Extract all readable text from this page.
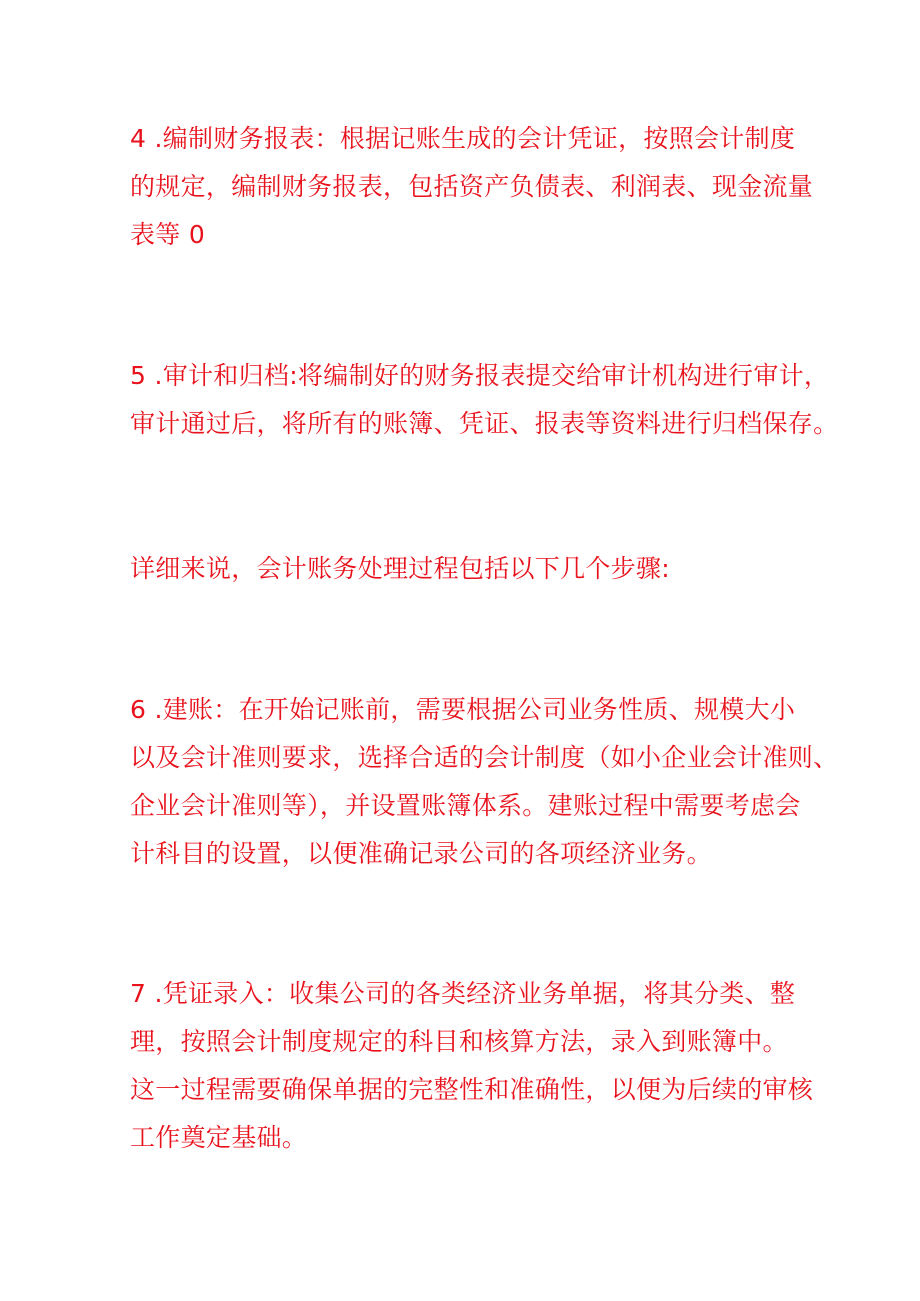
4 .编制财务报表：根据记账生成的会计凭证，按照会计制度
的规定，编制财务报表，包括资产负债表、利润表、现金流量
表等 0

5 .审计和归档:将编制好的财务报表提交给审计机构进行审计，
审计通过后，将所有的账簿、凭证、报表等资料进行归档保存。

详细来说，会计账务处理过程包括以下几个步骤:

6 .建账：在开始记账前，需要根据公司业务性质、规模大小
以及会计准则要求，选择合适的会计制度（如小企业会计准则、
企业会计准则等），并设置账簿体系。建账过程中需要考虑会
计科目的设置，以便准确记录公司的各项经济业务。

7 .凭证录入：收集公司的各类经济业务单据，将其分类、整
理，按照会计制度规定的科目和核算方法，录入到账簿中。
这一过程需要确保单据的完整性和准确性，以便为后续的审核
工作奠定基础。
